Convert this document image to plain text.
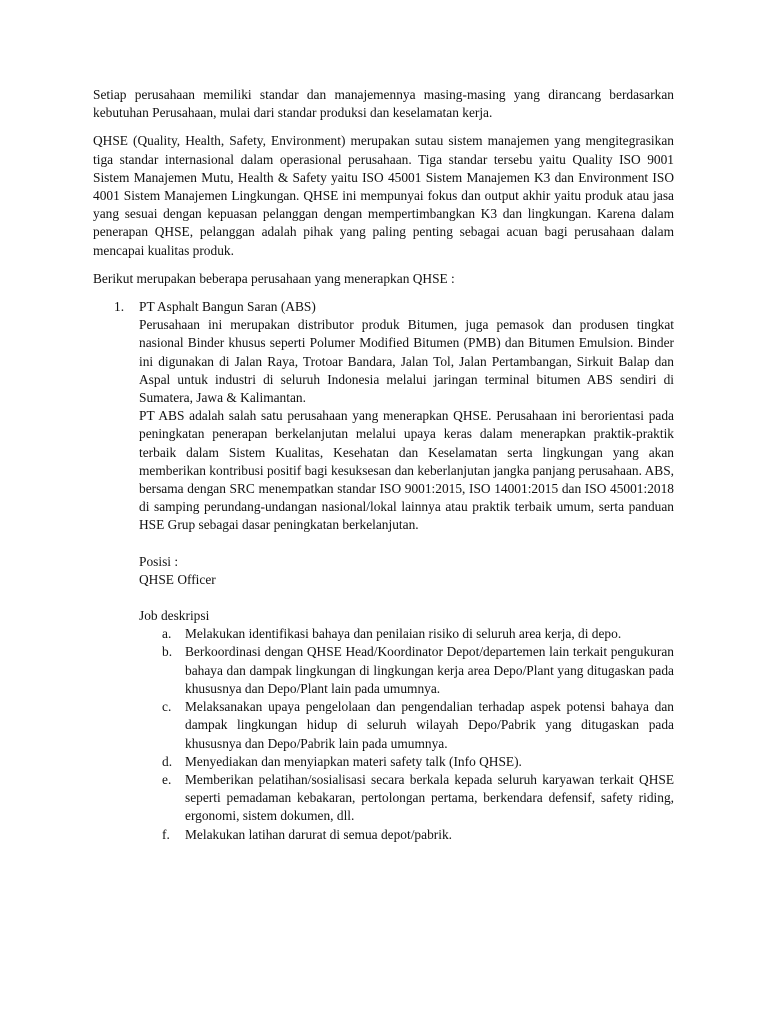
Setiap perusahaan memiliki standar dan manajemennya masing-masing yang dirancang berdasarkan kebutuhan Perusahaan, mulai dari standar produksi dan keselamatan kerja.

QHSE (Quality, Health, Safety, Environment) merupakan sutau sistem manajemen yang mengitegrasikan tiga standar internasional dalam operasional perusahaan. Tiga standar tersebu yaitu Quality ISO 9001 Sistem Manajemen Mutu, Health & Safety yaitu ISO 45001 Sistem Manajemen K3 dan Environment ISO 4001 Sistem Manajemen Lingkungan. QHSE ini mempunyai fokus dan output akhir yaitu produk atau jasa yang sesuai dengan kepuasan pelanggan dengan mempertimbangkan K3 dan lingkungan. Karena dalam penerapan QHSE, pelanggan adalah pihak yang paling penting sebagai acuan bagi perusahaan dalam mencapai kualitas produk.

Berikut merupakan beberapa perusahaan yang menerapkan QHSE :

1. PT Asphalt Bangun Saran (ABS)

Perusahaan ini merupakan distributor produk Bitumen, juga pemasok dan produsen tingkat nasional Binder khusus seperti Polumer Modified Bitumen (PMB) dan Bitumen Emulsion. Binder ini digunakan di Jalan Raya, Trotoar Bandara, Jalan Tol, Jalan Pertambangan, Sirkuit Balap dan Aspal untuk industri di seluruh Indonesia melalui jaringan terminal bitumen ABS sendiri di Sumatera, Jawa & Kalimantan.

PT ABS adalah salah satu perusahaan yang menerapkan QHSE. Perusahaan ini berorientasi pada peningkatan penerapan berkelanjutan melalui upaya keras dalam menerapkan praktik-praktik terbaik dalam Sistem Kualitas, Kesehatan dan Keselamatan serta lingkungan yang akan memberikan kontribusi positif bagi kesuksesan dan keberlanjutan jangka panjang perusahaan. ABS, bersama dengan SRC menempatkan standar ISO 9001:2015, ISO 14001:2015 dan ISO 45001:2018 di samping perundang-undangan nasional/lokal lainnya atau praktik terbaik umum, serta panduan HSE Grup sebagai dasar peningkatan berkelanjutan.

Posisi :

QHSE Officer

Job deskripsi

a. Melakukan identifikasi bahaya dan penilaian risiko di seluruh area kerja, di depo.
b. Berkoordinasi dengan QHSE Head/Koordinator Depot/departemen lain terkait pengukuran bahaya dan dampak lingkungan di lingkungan kerja area Depo/Plant yang ditugaskan pada khususnya dan Depo/Plant lain pada umumnya.
c. Melaksanakan upaya pengelolaan dan pengendalian terhadap aspek potensi bahaya dan dampak lingkungan hidup di seluruh wilayah Depo/Pabrik yang ditugaskan pada khususnya dan Depo/Pabrik lain pada umumnya.
d. Menyediakan dan menyiapkan materi safety talk (Info QHSE).
e. Memberikan pelatihan/sosialisasi secara berkala kepada seluruh karyawan terkait QHSE seperti pemadaman kebakaran, pertolongan pertama, berkendara defensif, safety riding, ergonomi, sistem dokumen, dll.
f. Melakukan latihan darurat di semua depot/pabrik.
